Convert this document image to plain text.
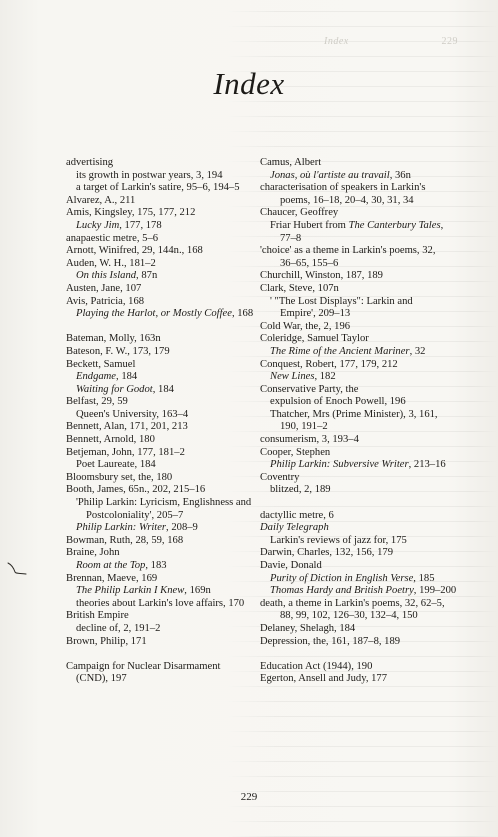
Index	229
Index
advertising
its growth in postwar years, 3, 194
a target of Larkin's satire, 95–6, 194–5
Alvarez, A., 211
Amis, Kingsley, 175, 177, 212
Lucky Jim, 177, 178
anapaestic metre, 5–6
Arnott, Winifred, 29, 144n., 168
Auden, W. H., 181–2
On this Island, 87n
Austen, Jane, 107
Avis, Patricia, 168
Playing the Harlot, or Mostly Coffee, 168
Bateman, Molly, 163n
Bateson, F. W., 173, 179
Beckett, Samuel
Endgame, 184
Waiting for Godot, 184
Belfast, 29, 59
Queen's University, 163–4
Bennett, Alan, 171, 201, 213
Bennett, Arnold, 180
Betjeman, John, 177, 181–2
Poet Laureate, 184
Bloomsbury set, the, 180
Booth, James, 65n., 202, 215–16
'Philip Larkin: Lyricism, Englishness and
Postcoloniality', 205–7
Philip Larkin: Writer, 208–9
Bowman, Ruth, 28, 59, 168
Braine, John
Room at the Top, 183
Brennan, Maeve, 169
The Philip Larkin I Knew, 169n
theories about Larkin's love affairs, 170
British Empire
decline of, 2, 191–2
Brown, Philip, 171
Campaign for Nuclear Disarmament
(CND), 197
Camus, Albert
Jonas, où l'artiste au travail, 36n
characterisation of speakers in Larkin's
poems, 16–18, 20–4, 30, 31, 34
Chaucer, Geoffrey
Friar Hubert from The Canterbury Tales,
77–8
'choice' as a theme in Larkin's poems, 32,
36–65, 155–6
Churchill, Winston, 187, 189
Clark, Steve, 107n
' "The Lost Displays": Larkin and
Empire', 209–13
Cold War, the, 2, 196
Coleridge, Samuel Taylor
The Rime of the Ancient Mariner, 32
Conquest, Robert, 177, 179, 212
New Lines, 182
Conservative Party, the
expulsion of Enoch Powell, 196
Thatcher, Mrs (Prime Minister), 3, 161,
190, 191–2
consumerism, 3, 193–4
Cooper, Stephen
Philip Larkin: Subversive Writer, 213–16
Coventry
blitzed, 2, 189
dactyllic metre, 6
Daily Telegraph
Larkin's reviews of jazz for, 175
Darwin, Charles, 132, 156, 179
Davie, Donald
Purity of Diction in English Verse, 185
Thomas Hardy and British Poetry, 199–200
death, a theme in Larkin's poems, 32, 62–5,
88, 99, 102, 126–30, 132–4, 150
Delaney, Shelagh, 184
Depression, the, 161, 187–8, 189
Education Act (1944), 190
Egerton, Ansell and Judy, 177
229
